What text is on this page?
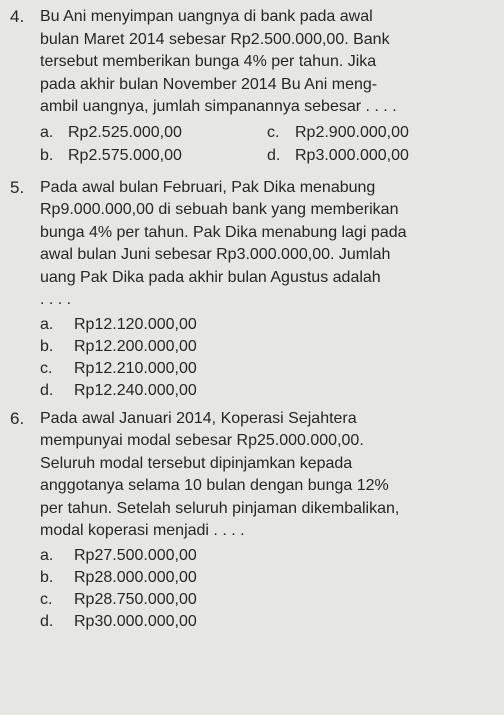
4. Bu Ani menyimpan uangnya di bank pada awal
bulan Maret 2014 sebesar Rp2.500.000,00. Bank
tersebut memberikan bunga 4% per tahun. Jika
pada akhir bulan November 2014 Bu Ani meng-
ambil uangnya, jumlah simpanannya sebesar . . . .
a. Rp2.525.000,00	c. Rp2.900.000,00
b. Rp2.575.000,00	d. Rp3.000.000,00
5. Pada awal bulan Februari, Pak Dika menabung
Rp9.000.000,00 di sebuah bank yang memberikan
bunga 4% per tahun. Pak Dika menabung lagi pada
awal bulan Juni sebesar Rp3.000.000,00. Jumlah
uang Pak Dika pada akhir bulan Agustus adalah
. . . .
a.	Rp12.120.000,00
b.	Rp12.200.000,00
c.	Rp12.210.000,00
d.	Rp12.240.000,00
6. Pada awal Januari 2014, Koperasi Sejahtera
mempunyai modal sebesar Rp25.000.000,00.
Seluruh modal tersebut dipinjamkan kepada
anggotanya selama 10 bulan dengan bunga 12%
per tahun. Setelah seluruh pinjaman dikembalikan,
modal koperasi menjadi . . . .
a.	Rp27.500.000,00
b.	Rp28.000.000,00
c.	Rp28.750.000,00
d.	Rp30.000.000,00
